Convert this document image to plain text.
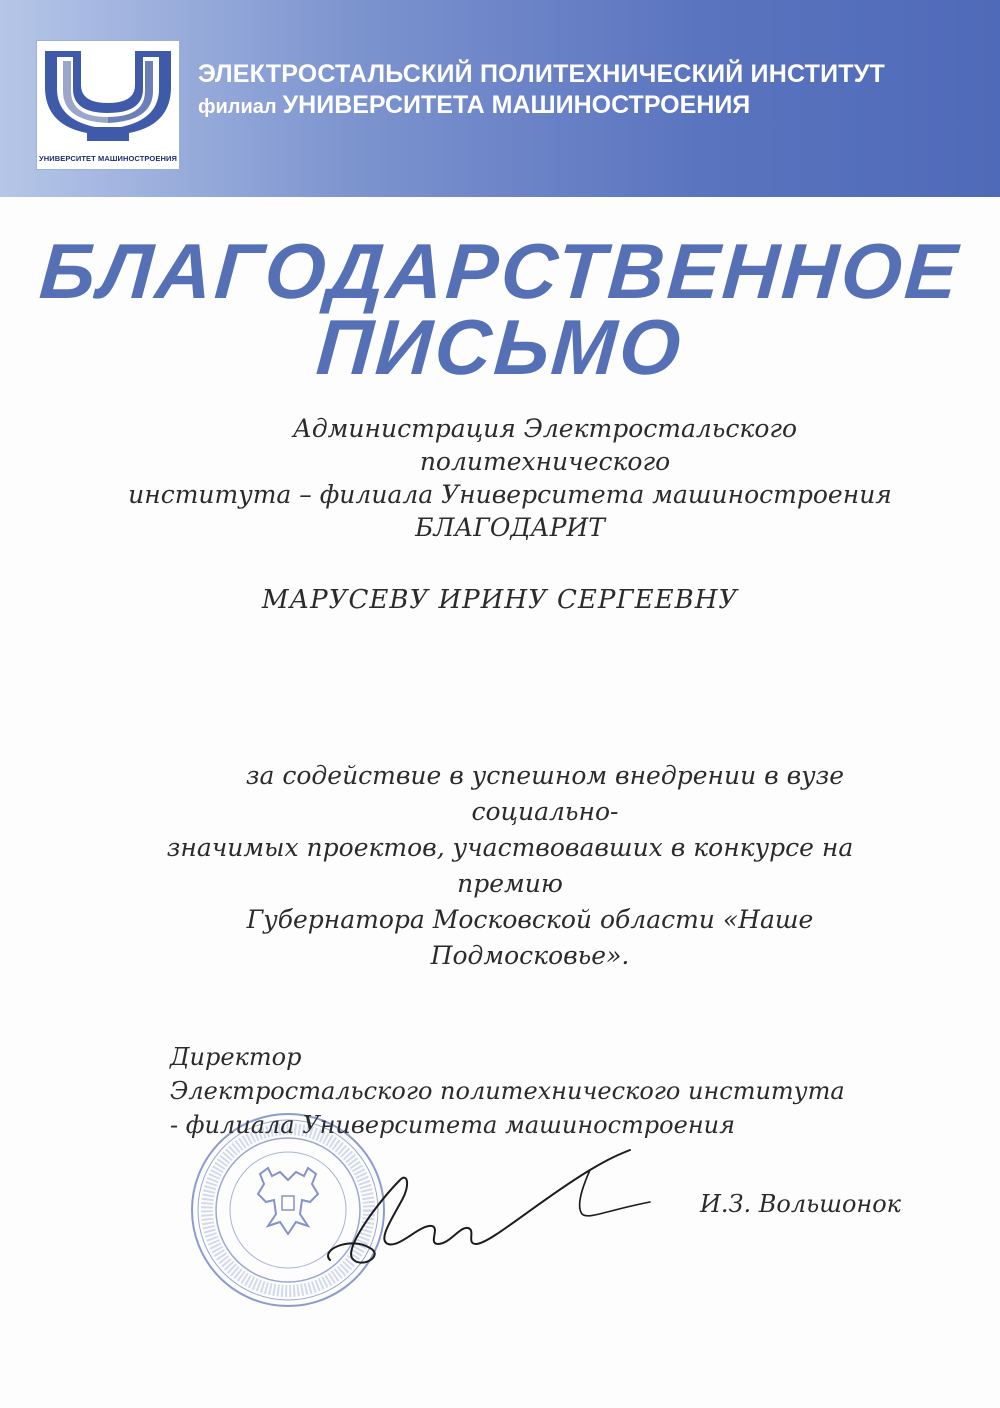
УНИВЕРСИТЕТ МАШИНОСТРОЕНИЯ
ЭЛЕКТРОСТАЛЬСКИЙ ПОЛИТЕХНИЧЕСКИЙ ИНСТИТУТ
филиал УНИВЕРСИТЕТА МАШИНОСТРОЕНИЯ
БЛАГОДАРСТВЕННОЕ
ПИСЬМО
Администрация Электростальского политехнического
института – филиала Университета машиностроения
БЛАГОДАРИТ
МАРУСЕВУ ИРИНУ СЕРГЕЕВНУ
за содействие в успешном внедрении в вузе социально-
значимых проектов, участвовавших в конкурсе на премию
Губернатора Московской области «Наше Подмосковье».
Директор
Электростальского политехнического института
- филиала Университета машиностроения
И.З. Вольшонок
